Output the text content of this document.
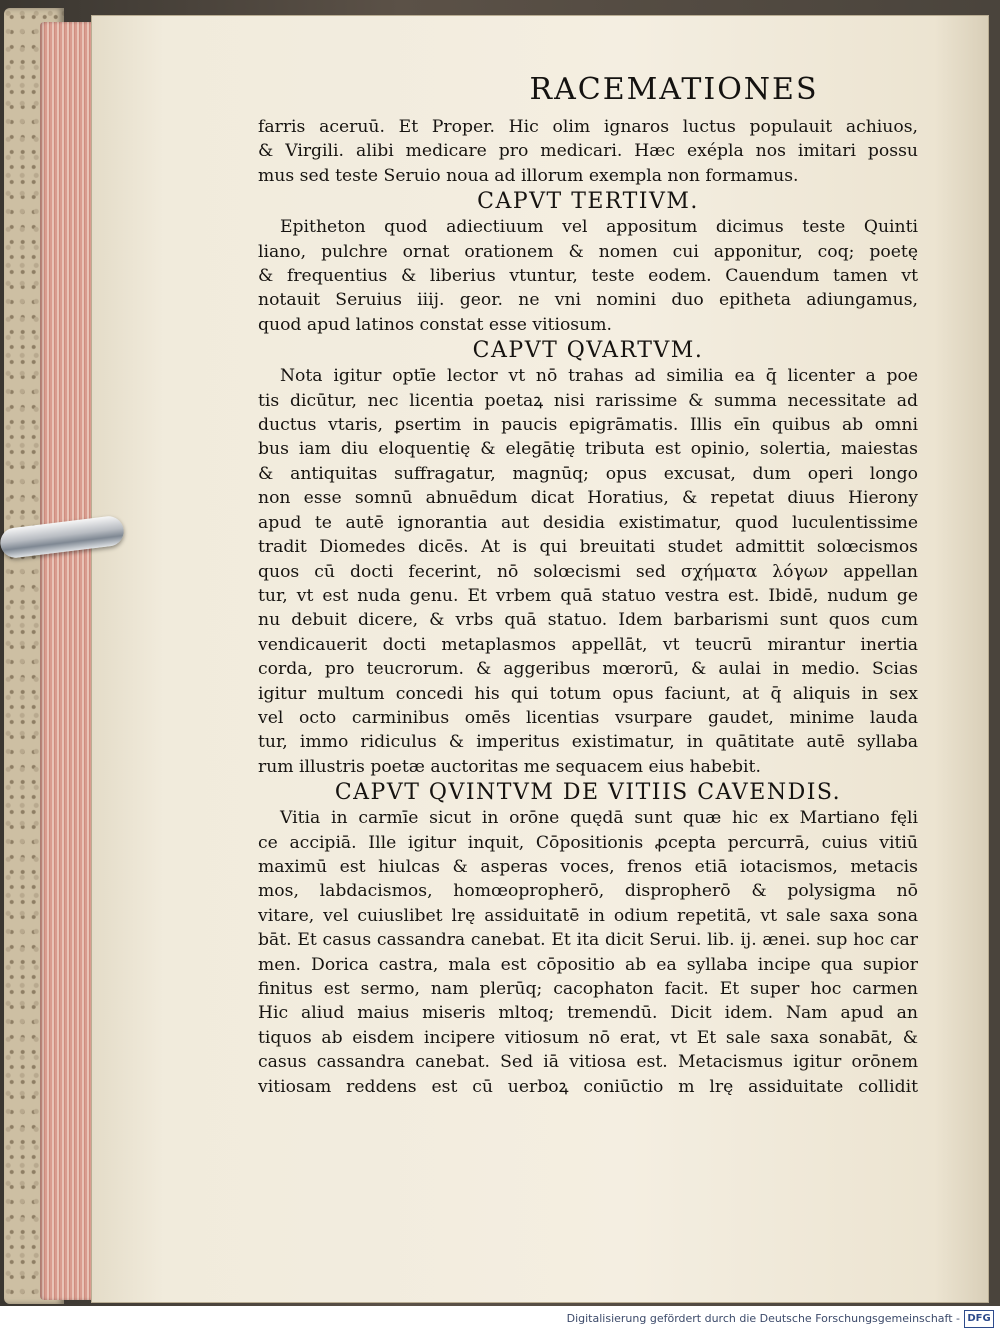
RACEMATIONES
farris aceruū. Et Proper. Hic olim ignaros luctus populauit achiuos,
& Virgili. alibi medicare pro medicari. Hæc exépla nos imitari possu
mus sed teste Seruio noua ad illorum exempla non formamus.
CAPVT TERTIVM.
Epitheton quod adiectiuum vel appositum dicimus teste Quinti
liano, pulchre ornat orationem & nomen cui apponitur, coq; poetę
& frequentius & liberius vtuntur, teste eodem. Cauendum tamen vt
notauit Seruius iiij. geor. ne vni nomini duo epitheta adiungamus,
quod apud latinos constat esse vitiosum.
CAPVT QVARTVM.
Nota igitur optīe lector vt nō trahas ad similia ea q̄ licenter a poe
tis dicūtur, nec licentia poetaꝝ nisi rarissime & summa necessitate ad
ductus vtaris, ꝑsertim in paucis epigrāmatis. Illis eīn quibus ab omni
bus iam diu eloquentię & elegātię tributa est opinio, solertia, maiestas
& antiquitas suffragatur, magnūq; opus excusat, dum operi longo
non esse somnū abnuēdum dicat Horatius, & repetat diuus Hierony
apud te autē ignorantia aut desidia existimatur, quod luculentissime
tradit Diomedes dicēs. At is qui breuitati studet admittit solœcismos
quos cū docti fecerint, nō solœcismi sed σχήματα λόγων appellan
tur, vt est nuda genu. Et vrbem quā statuo vestra est. Ibidē, nudum ge
nu debuit dicere, & vrbs quā statuo. Idem barbarismi sunt quos cum
vendicauerit docti metaplasmos appellāt, vt teucrū mirantur inertia
corda, pro teucrorum. & aggeribus mœrorū, & aulai in medio. Scias
igitur multum concedi his qui totum opus faciunt, at q̄ aliquis in sex
vel octo carminibus omēs licentias vsurpare gaudet, minime lauda
tur, immo ridiculus & imperitus existimatur, in quātitate autē syllaba
rum illustris poetæ auctoritas me sequacem eius habebit.
CAPVT QVINTVM DE VITIIS CAVENDIS.
Vitia in carmīe sicut in orōne quędā sunt quæ hic ex Martiano fęli
ce accipiā. Ille igitur inquit, Cōpositionis ꝓcepta percurrā, cuius vitiū
maximū est hiulcas & asperas voces, frenos etiā iotacismos, metacis
mos, labdacismos, homœopropherō, dispropherō & polysigma nō
vitare, vel cuiuslibet lrę assiduitatē in odium repetitā, vt sale saxa sona
bāt. Et casus cassandra canebat. Et ita dicit Serui. lib. ij. ænei. sup hoc car
men. Dorica castra, mala est cōpositio ab ea syllaba incipe qua supior
finitus est sermo, nam plerūq; cacophaton facit. Et super hoc carmen
Hic aliud maius miseris mltoq; tremendū. Dicit idem. Nam apud an
tiquos ab eisdem incipere vitiosum nō erat, vt Et sale saxa sonabāt, &
casus cassandra canebat. Sed iā vitiosa est. Metacismus igitur orōnem
vitiosam reddens est cū uerboꝝ coniūctio m lrę assiduitate collidit
Digitalisierung gefördert durch die Deutsche Forschungsgemeinschaft - DFG
